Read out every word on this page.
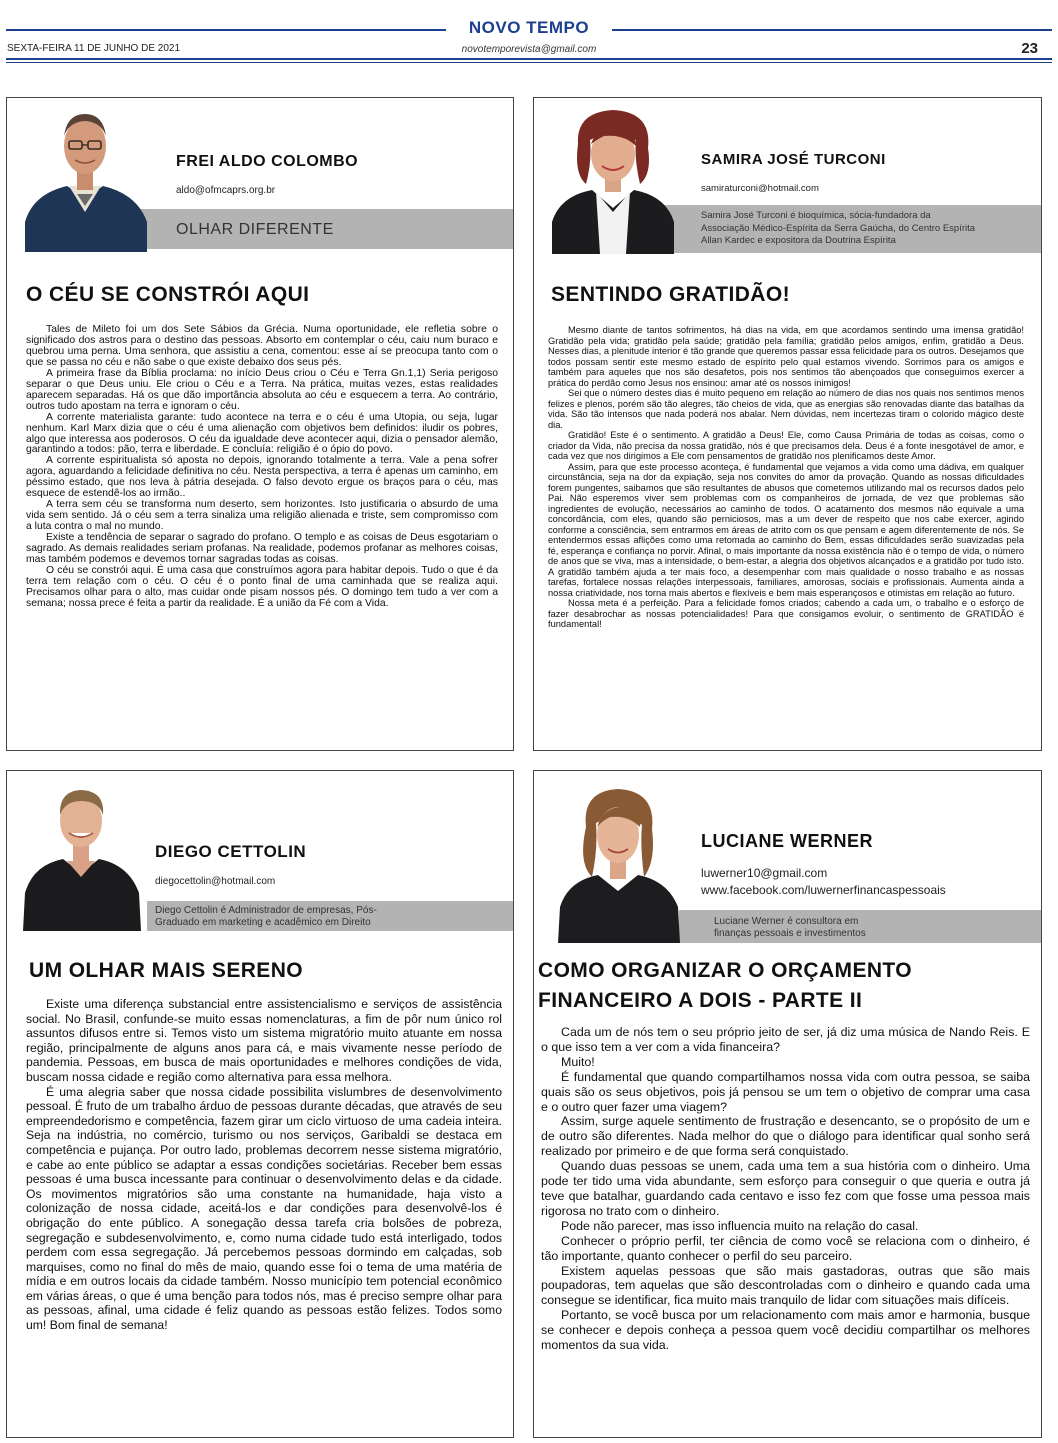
NOVO TEMPO
novotemporevista@gmail.com
SEXTA-FEIRA 11 DE JUNHO DE 2021	23
FREI ALDO COLOMBO
aldo@ofmcaprs.org.br
OLHAR DIFERENTE
O CÉU SE CONSTRÓI AQUI

Tales de Mileto foi um dos Sete Sábios da Grécia. Numa oportunidade, ele refletia sobre o significado dos astros para o destino das pessoas. Absorto em contemplar o céu, caiu num buraco e quebrou uma perna. Uma senhora, que assistiu a cena, comentou: esse aí se preocupa tanto com o que se passa no céu e não sabe o que existe debaixo dos seus pés.

A primeira frase da Bíblia proclama: no início Deus criou o Céu e Terra Gn.1,1) Seria perigoso separar o que Deus uniu. Ele criou o Céu e a Terra. Na prática, muitas vezes, estas realidades aparecem separadas. Há os que dão importância absoluta ao céu e esquecem a terra. Ao contrário, outros tudo apostam na terra e ignoram o céu.

A corrente materialista garante: tudo acontece na terra e o céu é uma Utopia, ou seja, lugar nenhum. Karl Marx dizia que o céu é uma alienação com objetivos bem definidos: iludir os pobres, algo que interessa aos poderosos. O céu da igualdade deve acontecer aqui, dizia o pensador alemão, garantindo a todos: pão, terra e liberdade. E concluía: religião é o ópio do povo.

A corrente espiritualista só aposta no depois, ignorando totalmente a terra. Vale a pena sofrer agora, aguardando a felicidade definitiva no céu. Nesta perspectiva, a terra é apenas um caminho, em péssimo estado, que nos leva à pátria desejada. O falso devoto ergue os braços para o céu, mas esquece de estendê-los ao irmão..

A terra sem céu se transforma num deserto, sem horizontes. Isto justificaria o absurdo de uma vida sem sentido. Já o céu sem a terra sinaliza uma religião alienada e triste, sem compromisso com a luta contra o mal no mundo.

Existe a tendência de separar o sagrado do profano. O templo e as coisas de Deus esgotariam o sagrado. As demais realidades seriam profanas. Na realidade, podemos profanar as melhores coisas, mas também podemos e devemos tornar sagradas todas as coisas.

O céu se constrói aqui. É uma casa que construímos agora para habitar depois. Tudo o que é da terra tem relação com o céu. O céu é o ponto final de uma caminhada que se realiza aqui. Precisamos olhar para o alto, mas cuidar onde pisam nossos pés. O domingo tem tudo a ver com a semana; nossa prece é feita a partir da realidade. É a união da Fé com a Vida.

SAMIRA JOSÉ TURCONI
samiraturconi@hotmail.com
Samira José Turconi é bioquímica, sócia-fundadora da Associação Médico-Espírita da Serra Gaúcha, do Centro Espírita Allan Kardec e expositora da Doutrina Espírita
SENTINDO GRATIDÃO!

Mesmo diante de tantos sofrimentos, há dias na vida, em que acordamos sentindo uma imensa gratidão! Gratidão pela vida; gratidão pela saúde; gratidão pela família; gratidão pelos amigos, enfim, gratidão a Deus. Nesses dias, a plenitude interior é tão grande que queremos passar essa felicidade para os outros. Desejamos que todos possam sentir este mesmo estado de espírito pelo qual estamos vivendo. Sorrimos para os amigos e também para aqueles que nos são desafetos, pois nos sentimos tão abençoados que conseguimos exercer a prática do perdão como Jesus nos ensinou: amar até os nossos inimigos!

Sei que o número destes dias é muito pequeno em relação ao número de dias nos quais nos sentimos menos felizes e plenos, porém são tão alegres, tão cheios de vida, que as energias são renovadas diante das batalhas da vida. São tão intensos que nada poderá nos abalar. Nem dúvidas, nem incertezas tiram o colorido mágico deste dia.

Gratidão! Este é o sentimento. A gratidão a Deus! Ele, como Causa Primária de todas as coisas, como o criador da Vida, não precisa da nossa gratidão, nós é que precisamos dela. Deus é a fonte inesgotável de amor, e cada vez que nos dirigimos a Ele com pensamentos de gratidão nos plenificamos deste Amor.

Assim, para que este processo aconteça, é fundamental que vejamos a vida como uma dádiva, em qualquer circunstância, seja na dor da expiação, seja nos convites do amor da provação. Quando as nossas dificuldades forem pungentes, saibamos que são resultantes de abusos que cometemos utilizando mal os recursos dados pelo Pai. Não esperemos viver sem problemas com os companheiros de jornada, de vez que problemas são ingredientes de evolução, necessários ao caminho de todos. O acatamento dos mesmos não equivale a uma concordância, com eles, quando são perniciosos, mas a um dever de respeito que nos cabe exercer, agindo conforme a consciência, sem entrarmos em áreas de atrito com os que pensam e agem diferentemente de nós. Se entendermos essas aflições como uma retomada ao caminho do Bem, essas dificuldades serão suavizadas pela fé, esperança e confiança no porvir. Afinal, o mais importante da nossa existência não é o tempo de vida, o número de anos que se viva, mas a intensidade, o bem-estar, a alegria dos objetivos alcançados e a gratidão por tudo isto. A gratidão também ajuda a ter mais foco, a desempenhar com mais qualidade o nosso trabalho e as nossas tarefas, fortalece nossas relações interpessoais, familiares, amorosas, sociais e profissionais. Aumenta ainda a nossa criatividade, nos torna mais abertos e flexíveis e bem mais esperançosos e otimistas em relação ao futuro.

Nossa meta é a perfeição. Para a felicidade fomos criados; cabendo a cada um, o trabalho e o esforço de fazer desabrochar as nossas potencialidades! Para que consigamos evoluir, o sentimento de GRATIDÃO é fundamental!

DIEGO CETTOLIN
diegocettolin@hotmail.com
Diego Cettolin é Administrador de empresas, Pós-Graduado em marketing e acadêmico em Direito
UM OLHAR MAIS SERENO

Existe uma diferença substancial entre assistencialismo e serviços de assistência social. No Brasil, confunde-se muito essas nomenclaturas, a fim de pôr num único rol assuntos difusos entre si. Temos visto um sistema migratório muito atuante em nossa região, principalmente de alguns anos para cá, e mais vivamente nesse período de pandemia. Pessoas, em busca de mais oportunidades e melhores condições de vida, buscam nossa cidade e região como alternativa para essa melhora.

É uma alegria saber que nossa cidade possibilita vislumbres de desenvolvimento pessoal. É fruto de um trabalho árduo de pessoas durante décadas, que através de seu empreendedorismo e competência, fazem girar um ciclo virtuoso de uma cadeia inteira. Seja na indústria, no comércio, turismo ou nos serviços, Garibaldi se destaca em competência e pujança. Por outro lado, problemas decorrem nesse sistema migratório, e cabe ao ente público se adaptar a essas condições societárias. Receber bem essas pessoas é uma busca incessante para continuar o desenvolvimento delas e da cidade. Os movimentos migratórios são uma constante na humanidade, haja visto a colonização de nossa cidade, aceitá-los e dar condições para desenvolvê-los é obrigação do ente público. A sonegação dessa tarefa cria bolsões de pobreza, segregação e subdesenvolvimento, e, como numa cidade tudo está interligado, todos perdem com essa segregação. Já percebemos pessoas dormindo em calçadas, sob marquises, como no final do mês de maio, quando esse foi o tema de uma matéria de mídia e em outros locais da cidade também. Nosso município tem potencial econômico em várias áreas, o que é uma benção para todos nós, mas é preciso sempre olhar para as pessoas, afinal, uma cidade é feliz quando as pessoas estão felizes. Todos somo um! Bom final de semana!

LUCIANE WERNER
luwerner10@gmail.com
www.facebook.com/luwernerfinancaspessoais
Luciane Werner é consultora em finanças pessoais e investimentos
COMO ORGANIZAR O ORÇAMENTO FINANCEIRO A DOIS - PARTE II

Cada um de nós tem o seu próprio jeito de ser, já diz uma música de Nando Reis. E o que isso tem a ver com a vida financeira?

Muito!

É fundamental que quando compartilhamos nossa vida com outra pessoa, se saiba quais são os seus objetivos, pois já pensou se um tem o objetivo de comprar uma casa e o outro quer fazer uma viagem?

Assim, surge aquele sentimento de frustração e desencanto, se o propósito de um e de outro são diferentes. Nada melhor do que o diálogo para identificar qual sonho será realizado por primeiro e de que forma será conquistado.

Quando duas pessoas se unem, cada uma tem a sua história com o dinheiro. Uma pode ter tido uma vida abundante, sem esforço para conseguir o que queria e outra já teve que batalhar, guardando cada centavo e isso fez com que fosse uma pessoa mais rigorosa no trato com o dinheiro.

Pode não parecer, mas isso influencia muito na relação do casal.

Conhecer o próprio perfil, ter ciência de como você se relaciona com o dinheiro, é tão importante, quanto conhecer o perfil do seu parceiro.

Existem aquelas pessoas que são mais gastadoras, outras que são mais poupadoras, tem aquelas que são descontroladas com o dinheiro e quando cada uma consegue se identificar, fica muito mais tranquilo de lidar com situações mais difíceis.

Portanto, se você busca por um relacionamento com mais amor e harmonia, busque se conhecer e depois conheça a pessoa quem você decidiu compartilhar os melhores momentos da sua vida.
